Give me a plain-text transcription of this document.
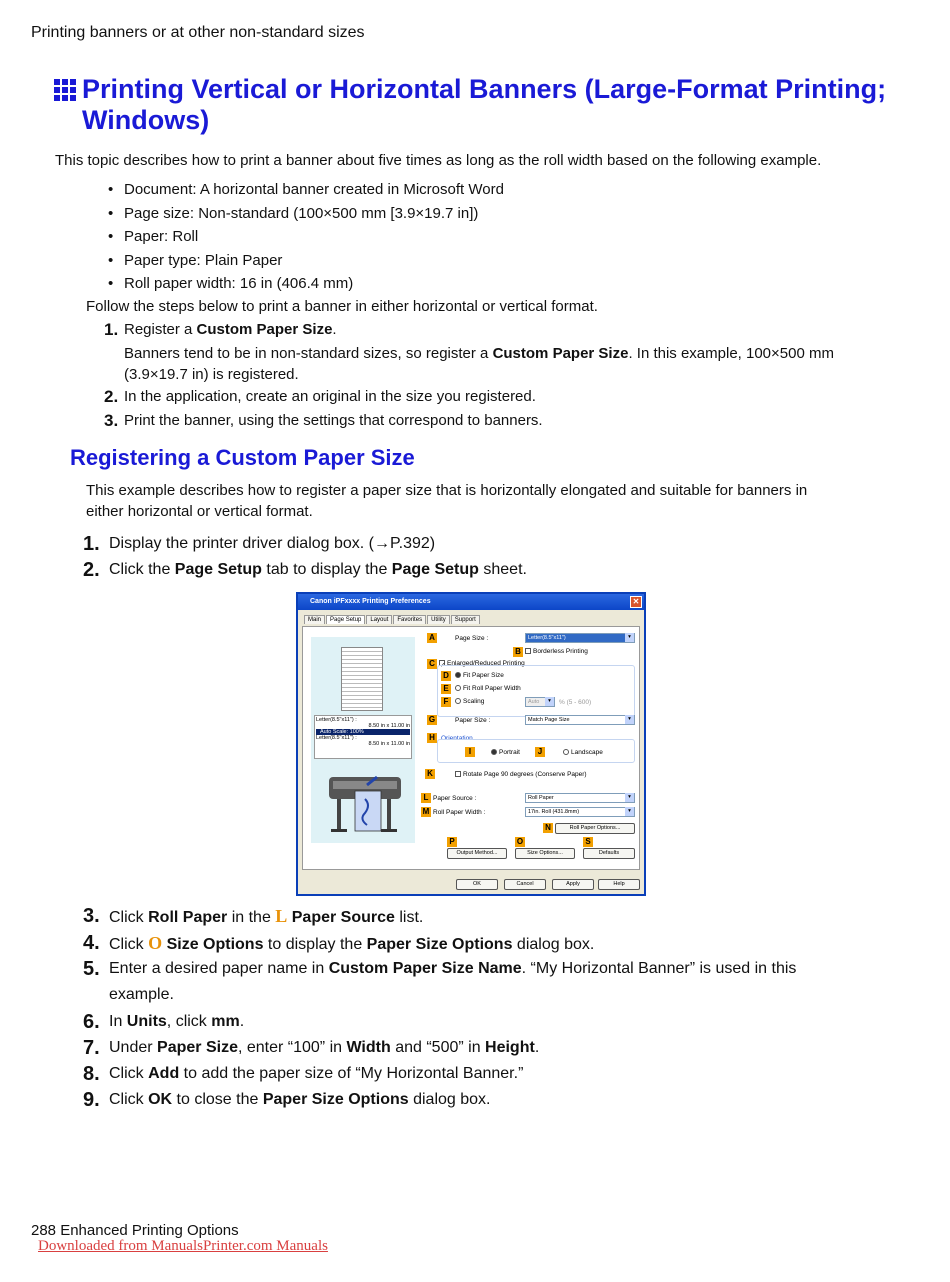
Printing banners or at other non-standard sizes
Printing Vertical or Horizontal Banners (Large-Format Printing; Windows)
This topic describes how to print a banner about five times as long as the roll width based on the following example.
• Document: A horizontal banner created in Microsoft Word
• Page size: Non-standard (100×500 mm [3.9×19.7 in])
• Paper: Roll
• Paper type: Plain Paper
• Roll paper width: 16 in (406.4 mm)
Follow the steps below to print a banner in either horizontal or vertical format.
1. Register a Custom Paper Size.
Banners tend to be in non-standard sizes, so register a Custom Paper Size. In this example, 100×500 mm (3.9×19.7 in) is registered.
2. In the application, create an original in the size you registered.
3. Print the banner, using the settings that correspond to banners.
Registering a Custom Paper Size
This example describes how to register a paper size that is horizontally elongated and suitable for banners in either horizontal or vertical format.
1. Display the printer driver dialog box. (→P.392)
2. Click the Page Setup tab to display the Page Setup sheet.
Canon iPFxxxx Printing Preferences	✕
Main	Page Setup	Layout	Favorites	Utility	Support
Letter(8.5"x11") :
8.50 in x 11.00 in
Auto Scale: 100%
Letter(8.5"x11") :
8.50 in x 11.00 in
A	Page Size :	Letter(8.5"x11") ▾
B	Borderless Printing
C ✓ Enlarged/Reduced Printing
D	Fit Paper Size
E	Fit Roll Paper Width
F	Scaling	Auto ▾	% (5 - 600)
G	Paper Size :	Match Page Size ▾
H Orientation
I	Portrait	J	Landscape
K	Rotate Page 90 degrees (Conserve Paper)
L Paper Source :	Roll Paper ▾
M Roll Paper Width :	17in. Roll (431.8mm) ▾
N	Roll Paper Options...
P	O	S
Output Method...	Size Options...	Defaults
OK	Cancel	Apply	Help
3. Click Roll Paper in the L Paper Source list.
4. Click O Size Options to display the Paper Size Options dialog box.
5. Enter a desired paper name in Custom Paper Size Name. “My Horizontal Banner” is used in this example.
6. In Units, click mm.
7. Under Paper Size, enter “100” in Width and “500” in Height.
8. Click Add to add the paper size of “My Horizontal Banner.”
9. Click OK to close the Paper Size Options dialog box.
288 Enhanced Printing Options
Downloaded from ManualsPrinter.com Manuals
